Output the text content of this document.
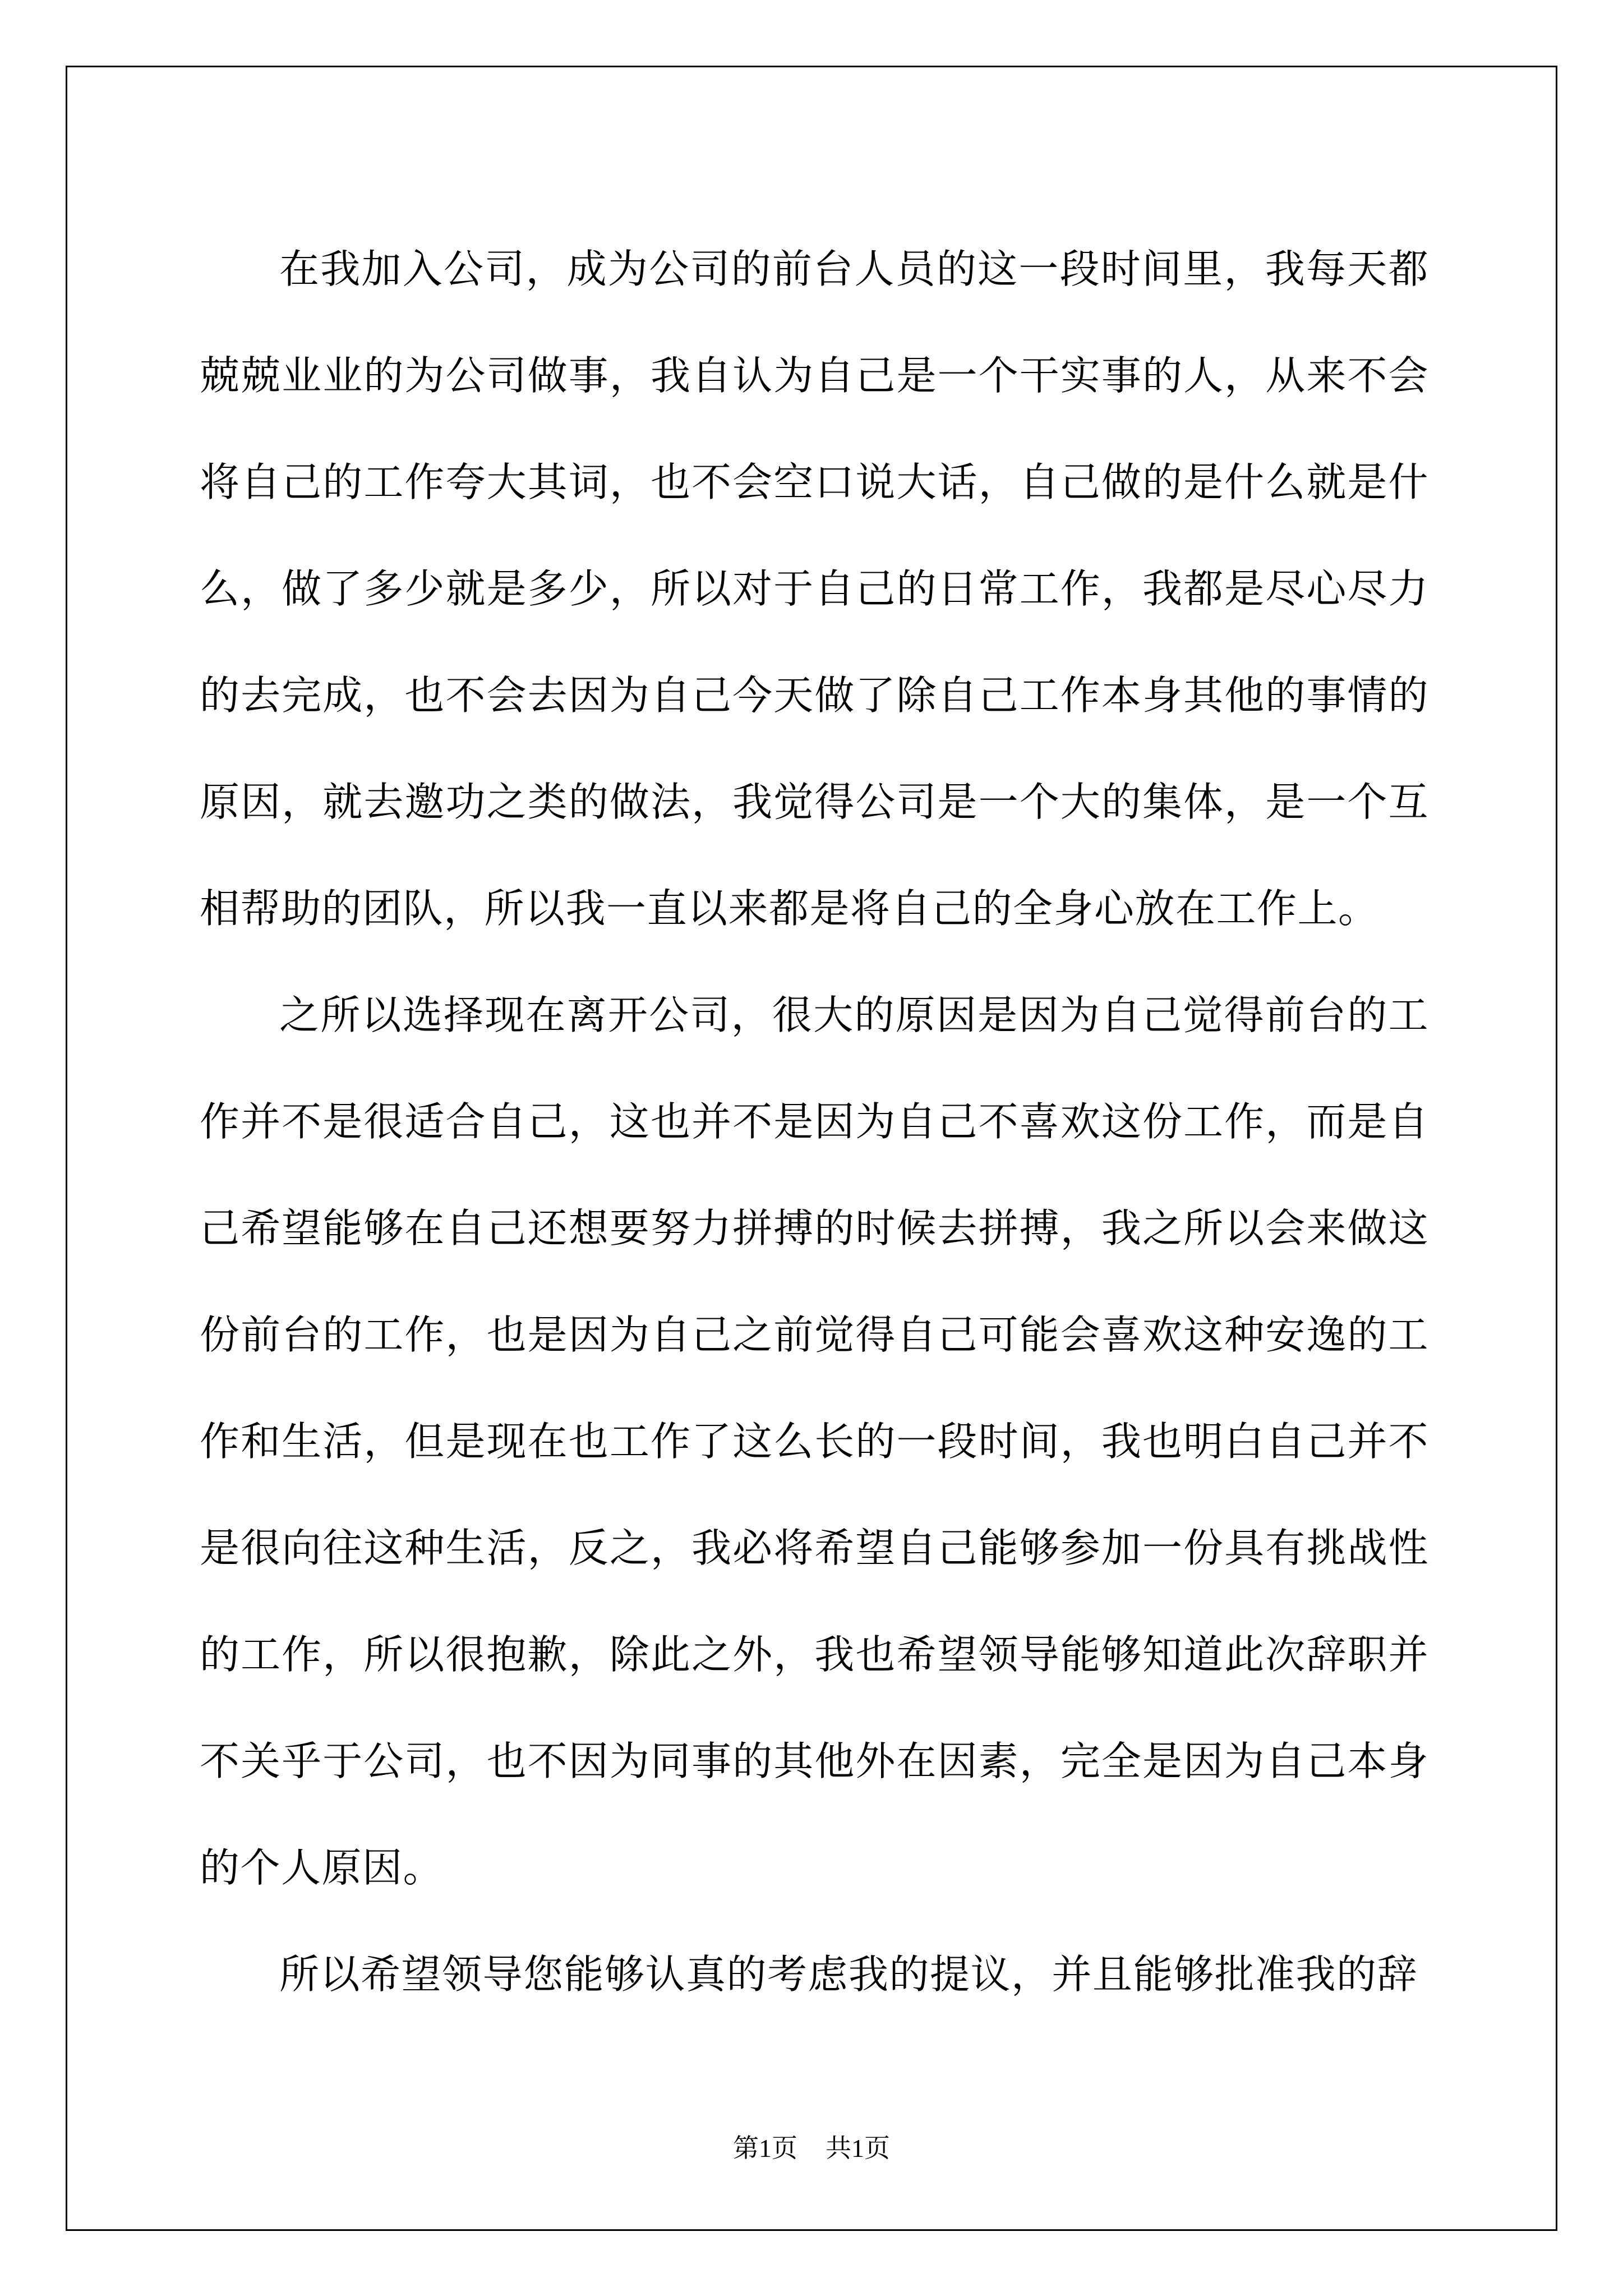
在我加入公司，成为公司的前台人员的这一段时间里，我每天都兢兢业业的为公司做事，我自认为自己是一个干实事的人，从来不会将自己的工作夸大其词，也不会空口说大话，自己做的是什么就是什么，做了多少就是多少，所以对于自己的日常工作，我都是尽心尽力的去完成，也不会去因为自己今天做了除自己工作本身其他的事情的原因，就去邀功之类的做法，我觉得公司是一个大的集体，是一个互相帮助的团队，所以我一直以来都是将自己的全身心放在工作上。

之所以选择现在离开公司，很大的原因是因为自己觉得前台的工作并不是很适合自己，这也并不是因为自己不喜欢这份工作，而是自己希望能够在自己还想要努力拼搏的时候去拼搏，我之所以会来做这份前台的工作，也是因为自己之前觉得自己可能会喜欢这种安逸的工作和生活，但是现在也工作了这么长的一段时间，我也明白自己并不是很向往这种生活，反之，我必将希望自己能够参加一份具有挑战性的工作，所以很抱歉，除此之外，我也希望领导能够知道此次辞职并不关乎于公司，也不因为同事的其他外在因素，完全是因为自己本身的个人原因。

所以希望领导您能够认真的考虑我的提议，并且能够批准我的辞

第1页 共1页
